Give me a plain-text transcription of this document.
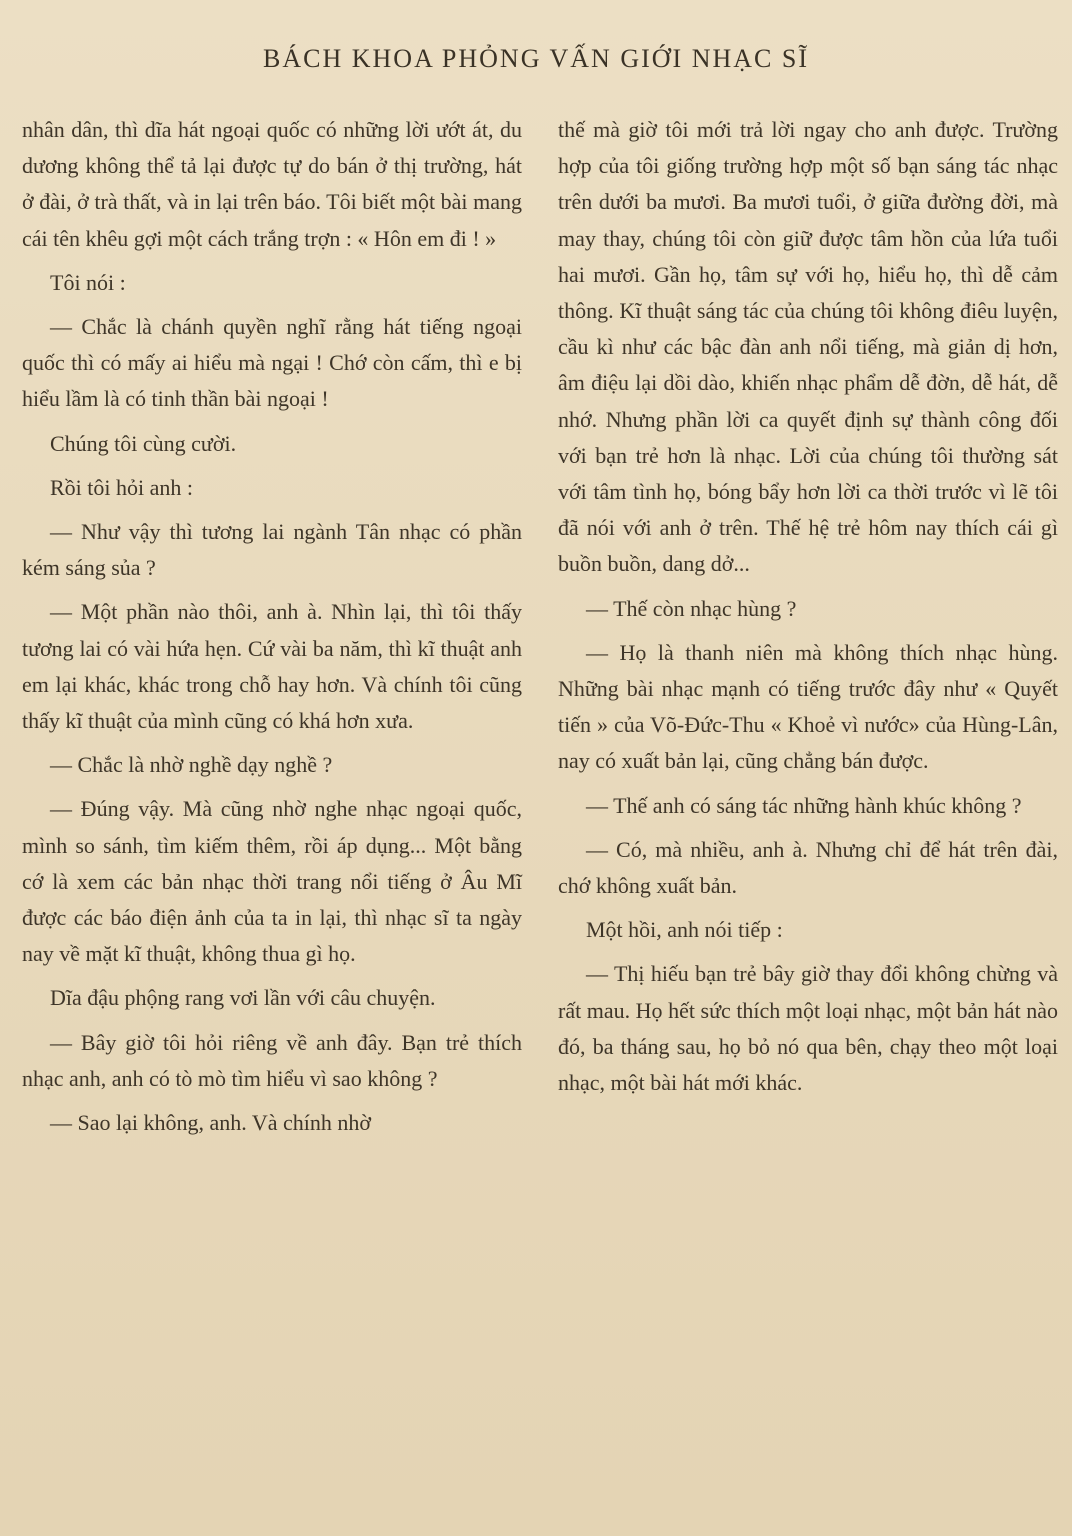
BÁCH KHOA PHỎNG VẤN GIỚI NHẠC SĨ

nhân dân, thì dĩa hát ngoại quốc có những lời ướt át, du dương không thể tả lại được tự do bán ở thị trường, hát ở đài, ở trà thất, và in lại trên báo. Tôi biết một bài mang cái tên khêu gợi một cách trắng trợn : « Hôn em đi ! »

Tôi nói :

— Chắc là chánh quyền nghĩ rằng hát tiếng ngoại quốc thì có mấy ai hiểu mà ngại ! Chớ còn cấm, thì e bị hiểu lầm là có tinh thần bài ngoại !

Chúng tôi cùng cười.

Rồi tôi hỏi anh :

— Như vậy thì tương lai ngành Tân nhạc có phần kém sáng sủa ?

— Một phần nào thôi, anh à. Nhìn lại, thì tôi thấy tương lai có vài hứa hẹn. Cứ vài ba năm, thì kĩ thuật anh em lại khác, khác trong chỗ hay hơn. Và chính tôi cũng thấy kĩ thuật của mình cũng có khá hơn xưa.

— Chắc là nhờ nghề dạy nghề ?

— Đúng vậy. Mà cũng nhờ nghe nhạc ngoại quốc, mình so sánh, tìm kiếm thêm, rồi áp dụng... Một bằng cớ là xem các bản nhạc thời trang nổi tiếng ở Âu Mĩ được các báo điện ảnh của ta in lại, thì nhạc sĩ ta ngày nay về mặt kĩ thuật, không thua gì họ.

Dĩa đậu phộng rang vơi lần với câu chuyện.

— Bây giờ tôi hỏi riêng về anh đây. Bạn trẻ thích nhạc anh, anh có tò mò tìm hiểu vì sao không ?

— Sao lại không, anh. Và chính nhờ

thế mà giờ tôi mới trả lời ngay cho anh được. Trường hợp của tôi giống trường hợp một số bạn sáng tác nhạc trên dưới ba mươi. Ba mươi tuổi, ở giữa đường đời, mà may thay, chúng tôi còn giữ được tâm hồn của lứa tuổi hai mươi. Gần họ, tâm sự với họ, hiểu họ, thì dễ cảm thông. Kĩ thuật sáng tác của chúng tôi không điêu luyện, cầu kì như các bậc đàn anh nổi tiếng, mà giản dị hơn, âm điệu lại dồi dào, khiến nhạc phẩm dễ đờn, dễ hát, dễ nhớ. Nhưng phần lời ca quyết định sự thành công đối với bạn trẻ hơn là nhạc. Lời của chúng tôi thường sát với tâm tình họ, bóng bẩy hơn lời ca thời trước vì lẽ tôi đã nói với anh ở trên. Thế hệ trẻ hôm nay thích cái gì buồn buồn, dang dở...

— Thế còn nhạc hùng ?

— Họ là thanh niên mà không thích nhạc hùng. Những bài nhạc mạnh có tiếng trước đây như « Quyết tiến » của Võ-Đức-Thu « Khoẻ vì nước» của Hùng-Lân, nay có xuất bản lại, cũng chẳng bán được.

— Thế anh có sáng tác những hành khúc không ?

— Có, mà nhiều, anh à. Nhưng chỉ để hát trên đài, chớ không xuất bản.

Một hồi, anh nói tiếp :

— Thị hiếu bạn trẻ bây giờ thay đổi không chừng và rất mau. Họ hết sức thích một loại nhạc, một bản hát nào đó, ba tháng sau, họ bỏ nó qua bên, chạy theo một loại nhạc, một bài hát mới khác.
